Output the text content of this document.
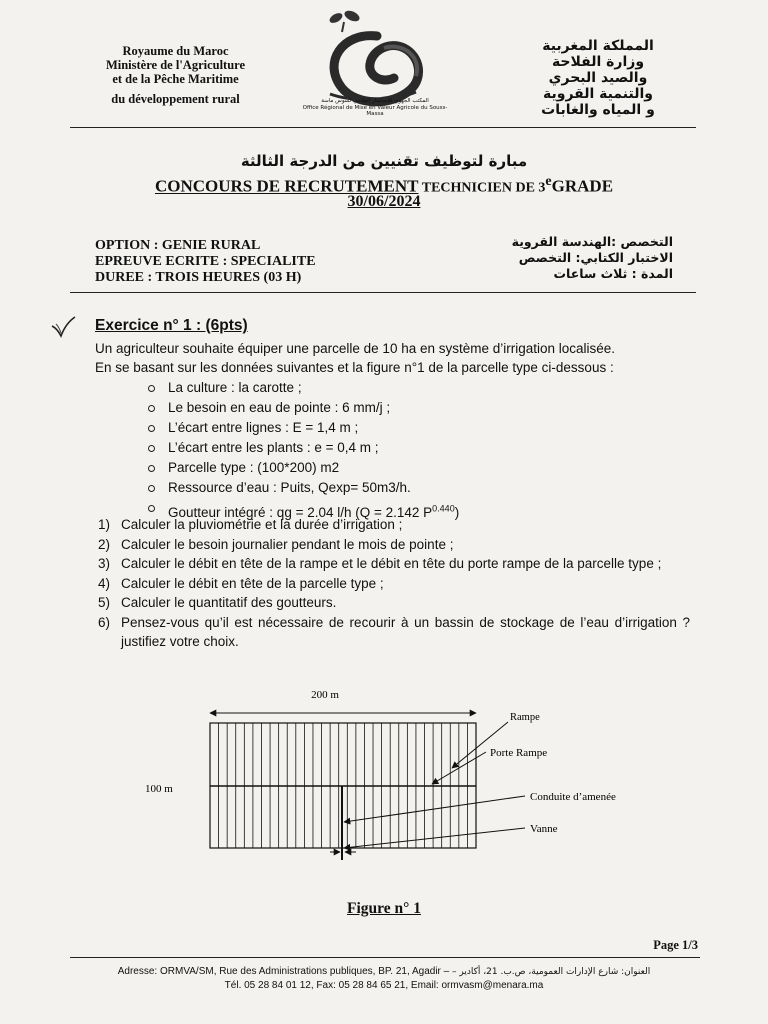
Royaume du Maroc
Ministère de l'Agriculture
et de la Pêche Maritime
du développement rural	المكتب الجهوي للاستثمار الفلاحي لسوس ماسة
Office Régional de Mise en Valeur Agricole du Souss-Massa
المملكة المغربية
وزارة الفلاحة
والصيد البحري
والتنمية القروية
و المياه والغابات
مبارة لتوظيف تقنيين من الدرجة الثالثة
CONCOURS DE RECRUTEMENT TECHNICIEN DE 3eGRADE
30/06/2024
OPTION : GENIE RURAL
EPREUVE ECRITE : SPECIALITE
DUREE : TROIS HEURES (03 H)
التخصص :الهندسة القروية
الاختبار الكتابي: التخصص
المدة : ثلاث ساعات
Exercice n° 1 : (6pts)
Un agriculteur souhaite équiper une parcelle de 10 ha en système d’irrigation localisée.
En se basant sur les données suivantes et la figure n°1 de la parcelle type ci-dessous :
La culture : la carotte ;
Le besoin en eau de pointe : 6 mm/j ;
L’écart entre lignes : E = 1,4 m ;
L’écart entre les plants : e = 0,4 m ;
Parcelle type : (100*200) m2
Ressource d’eau : Puits, Qexp= 50m3/h.
Goutteur intégré : qg = 2.04 l/h (Q = 2.142 $P^{0.440}$)
1) Calculer la pluviométrie et la durée d’irrigation ;
2) Calculer le besoin journalier pendant le mois de pointe ;
3) Calculer le débit en tête de la rampe et le débit en tête du porte rampe de la parcelle type ;
4) Calculer le débit en tête de la parcelle type ;
5) Calculer le quantitatif des goutteurs.
6) Pensez-vous qu’il est nécessaire de recourir à un bassin de stockage de l’eau d’irrigation ? justifiez votre choix.
200 m
100 m
Rampe
Porte Rampe
Conduite d’amenée
Vanne
Figure n° 1
Page 1/3
Adresse: ORMVA/SM, Rue des Administrations publiques, BP. 21, Agadir – العنوان: شارع الإدارات العمومية، ص.ب. 21، أكادير –
Tél. 05 28 84 01 12, Fax: 05 28 84 65 21, Email: ormvasm@menara.ma
